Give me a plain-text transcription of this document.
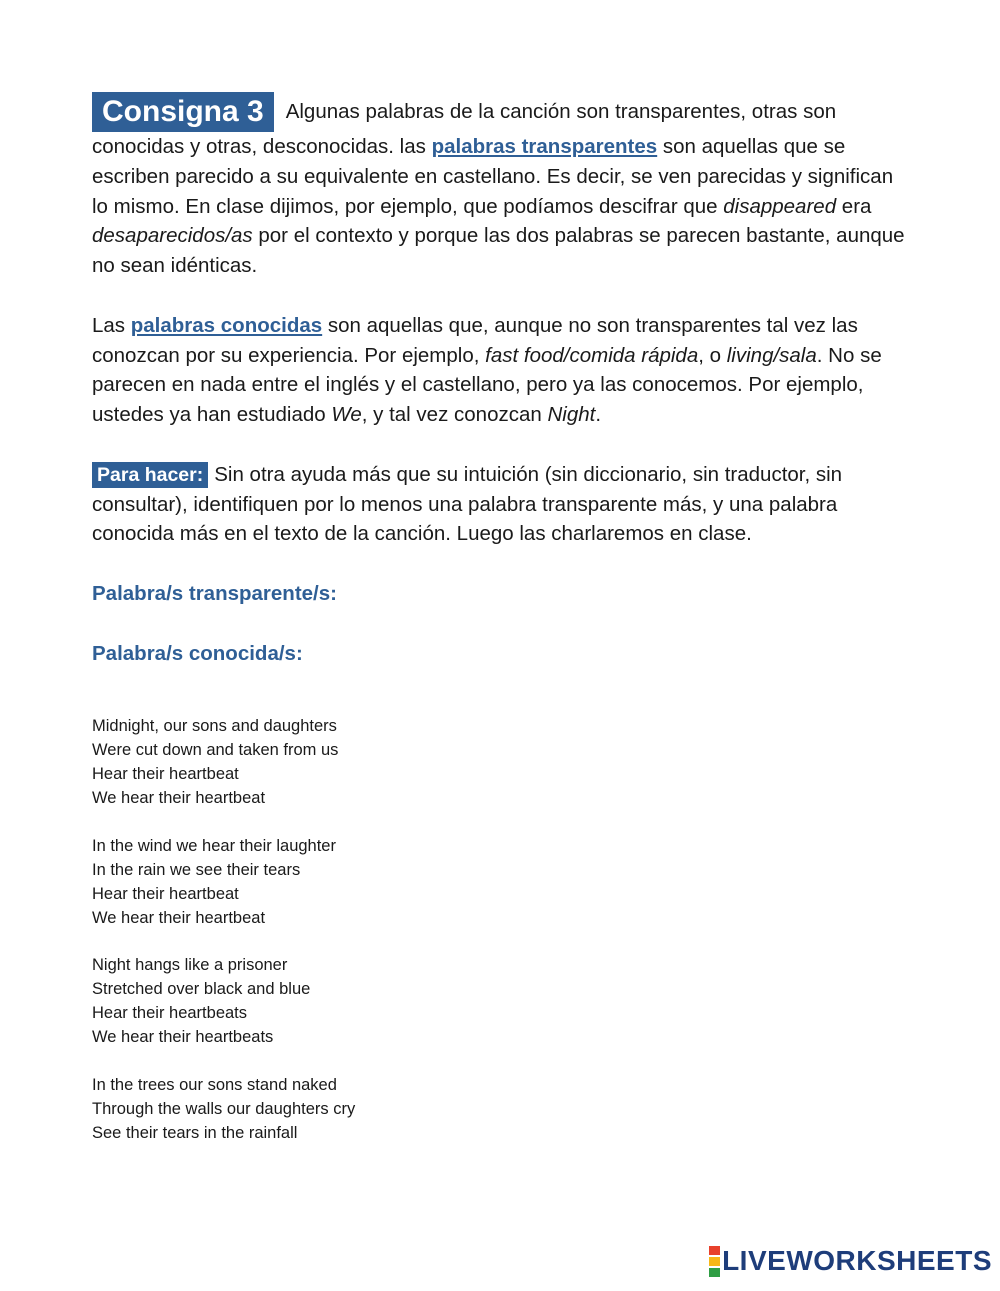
Consigna 3 Algunas palabras de la canción son transparentes, otras son conocidas y otras, desconocidas. las palabras transparentes son aquellas que se escriben parecido a su equivalente en castellano. Es decir, se ven parecidas y significan lo mismo. En clase dijimos, por ejemplo, que podíamos descifrar que disappeared era desaparecidos/as por el contexto y porque las dos palabras se parecen bastante, aunque no sean idénticas.

Las palabras conocidas son aquellas que, aunque no son transparentes tal vez las conozcan por su experiencia. Por ejemplo, fast food/comida rápida, o living/sala. No se parecen en nada entre el inglés y el castellano, pero ya las conocemos. Por ejemplo, ustedes ya han estudiado We, y tal vez conozcan Night.

Para hacer: Sin otra ayuda más que su intuición (sin diccionario, sin traductor, sin consultar), identifiquen por lo menos una palabra transparente más, y una palabra conocida más en el texto de la canción. Luego las charlaremos en clase.

Palabra/s transparente/s:

Palabra/s conocida/s:

Midnight, our sons and daughters
Were cut down and taken from us
Hear their heartbeat
We hear their heartbeat
In the wind we hear their laughter
In the rain we see their tears
Hear their heartbeat
We hear their heartbeat
Night hangs like a prisoner
Stretched over black and blue
Hear their heartbeats
We hear their heartbeats
In the trees our sons stand naked
Through the walls our daughters cry
See their tears in the rainfall
LIVEWORKSHEETS
